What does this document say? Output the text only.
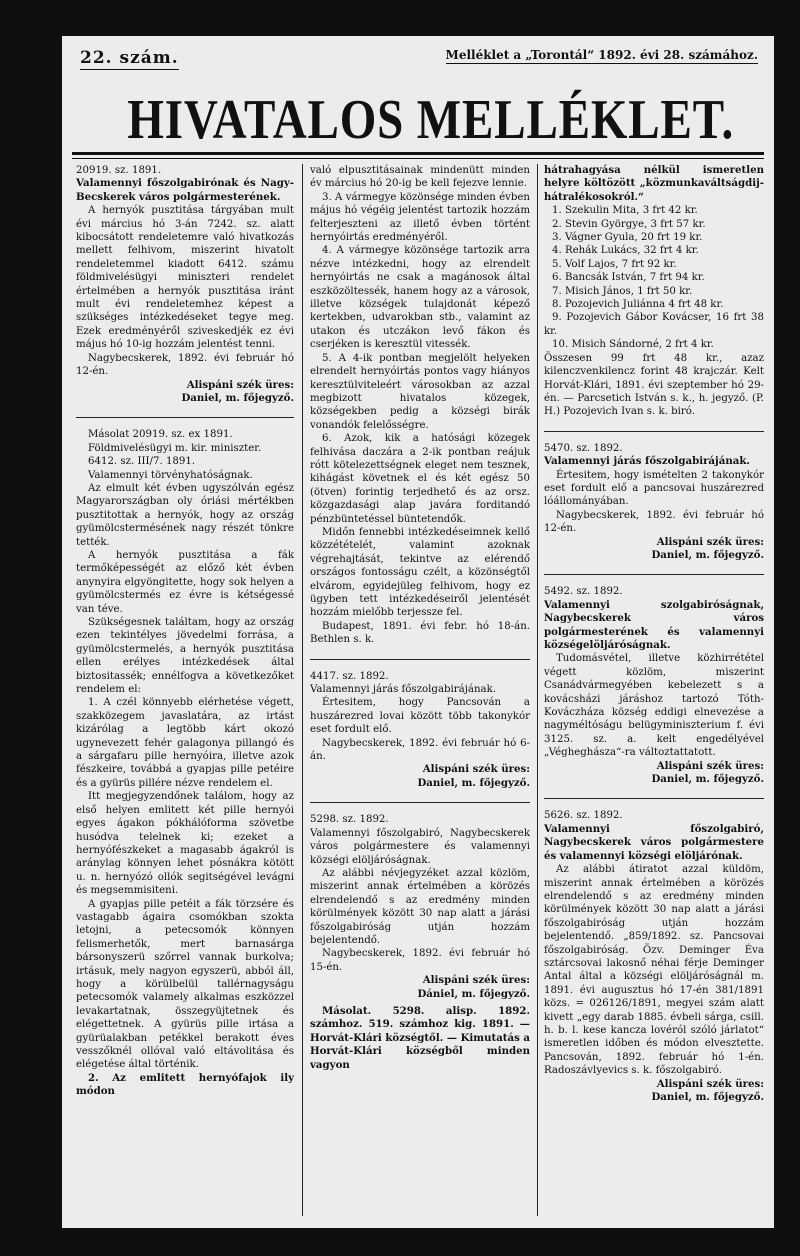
22. szám.	Melléklet a „Torontál“ 1892. évi 28. számához.
HIVATALOS MELLÉKLET.

20919. sz. 1891.

Valamennyi főszolgabirónak és Nagy-Becskerek város polgármesterének.

A hernyók pusztitása tárgyában mult évi március hó 3-án 7242. sz. alatt kibocsátott rendeletemre való hivatkozás mellett felhivom, miszerint hivatolt rendeletemmel kiadott 6412. számu földmivelésügyi miniszteri rendelet értelmében a hernyók pusztitása iránt mult évi rendeletemhez képest a szükséges intézkedéseket tegye meg. Ezek eredményéről sziveskedjék ez évi május hó 10-ig hozzám jelentést tenni.

Nagybecskerek, 1892. évi február hó 12-én.

Alispáni szék üres:

Daniel, m. főjegyző.

Másolat 20919. sz. ex 1891.

Földmivelésügyi m. kir. miniszter.

6412. sz. III/7. 1891.

Valamennyi törvényhatóságnak.

Az elmult két évben ugyszólván egész Magyarországban oly óriási mértékben pusztitottak a hernyók, hogy az ország gyümölcstermésének nagy részét tönkre tették.

A hernyók pusztitása a fák termőképességét az előző két évben anynyira elgyöngitette, hogy sok helyen a gyümölcstermés ez évre is kétségessé van téve.

Szükségesnek találtam, hogy az ország ezen tekintélyes jövedelmi forrása, a gyümölcstermelés, a hernyók pusztitása ellen erélyes intézkedések által biztositassék; ennélfogva a következőket rendelem el:

1. A czél könnyebb elérhetése végett, szakközegem javaslatára, az irtást kizárólag a legtöbb kárt okozó ugynevezett fehér galagonya pillangó és a sárgafaru pille hernyóira, illetve azok fészkeire, továbbá a gyapjas pille petéire és a gyürüs pillére nézve rendelem el.

Itt megjegyzendőnek találom, hogy az első helyen emlitett két pille hernyói egyes ágakon pókhálóforma szövetbe husódva telelnek ki; ezeket a hernyófészkeket a magasabb ágakról is aránylag könnyen lehet pósnákra kötött u. n. hernyózó ollók segitségével levágni és megsemmisiteni.

A gyapjas pille petéit a fák törzsére és vastagabb ágaira csomókban szokta letojni, a petecsomók könnyen felismerhetők, mert barnasárga bársonyszerü szőrrel vannak burkolva; irtásuk, mely nagyon egyszerü, abból áll, hogy a körülbelül tallérnagyságu petecsomók valamely alkalmas eszközzel levakartatnak, összegyüjtetnek és elégettetnek. A gyürüs pille irtása a gyürüalakban petékkel berakott éves vesszőknél ollóval való eltávolitása és elégetése által történik.

2. Az emlitett hernyófajok ily módon

való elpusztitásainak mindenütt minden év március hó 20-ig be kell fejezve lennie.

3. A vármegye közönsége minden évben május hó végéig jelentést tartozik hozzám felterjeszteni az illető évben történt hernyóirtás eredményéről.

4. A vármegye közönsége tartozik arra nézve intézkedni, hogy az elrendelt hernyóirtás ne csak a magánosok által eszközöltessék, hanem hogy az a városok, illetve községek tulajdonát képező kertekben, udvarokban stb., valamint az utakon és utczákon levő fákon és cserjéken is keresztül vitessék.

5. A 4-ik pontban megjelölt helyeken elrendelt hernyóirtás pontos vagy hiányos keresztülviteleért városokban az azzal megbizott hivatalos közegek, községekben pedig a községi birák vonandók felelősségre.

6. Azok, kik a hatósági közegek felhivása daczára a 2-ik pontban reájuk rótt kötelezettségnek eleget nem tesznek, kihágást követnek el és két egész 50 (ötven) forintig terjedhető és az orsz. közgazdasági alap javára forditandó pénzbüntetéssel büntetendők.

Midőn fennebbi intézkedéseimnek kellő közzétételét, valamint azoknak végrehajtását, tekintve az elérendő országos fontosságu czélt, a közönségtől elvárom, egyidejüleg felhivom, hogy ez ügyben tett intézkedéseiről jelentését hozzám mielőbb terjessze fel.

Budapest, 1891. évi febr. hó 18-án. Bethlen s. k.

4417. sz. 1892.

Valamennyi járás főszolgabirájának.

Értesitem, hogy Pancsován a huszárezred lovai között több takonykór eset fordult elő.

Nagybecskerek, 1892. évi február hó 6-án.

Alispáni szék üres:

Daniel, m. főjegyző.

5298. sz. 1892.

Valamennyi főszolgabiró, Nagybecskerek város polgármestere és valamennyi községi elöljáróságnak.

Az alábbi névjegyzéket azzal közlöm, miszerint annak értelmében a körözés elrendelendő s az eredmény minden körülmények között 30 nap alatt a járási főszolgabiróság utján hozzám bejelentendő.

Nagybecskerek, 1892. évi február hó 15-én.

Alispáni szék üres:

Dániel, m. főjegyző.

Másolat. 5298. alisp. 1892. számhoz. 519. számhoz kig. 1891. — Horvát-Klári községtől. — Kimutatás a Horvát-Klári községből minden vagyon

hátrahagyása nélkül ismeretlen helyre költözött „közmunkaváltságdij-hátralékosokról.“

1. Szekulin Mita, 3 frt 42 kr.

2. Stevin Györgye, 3 frt 57 kr.

3. Vágner Gyula, 20 frt 19 kr.

4. Rehák Lukács, 32 frt 4 kr.

5. Volf Lajos, 7 frt 92 kr.

6. Bancsák István, 7 frt 94 kr.

7. Misich János, 1 frt 50 kr.

8. Pozojevich Juliánna 4 frt 48 kr.

9. Pozojevich Gábor Kovácser, 16 frt 38 kr.

10. Misich Sándorné, 2 frt 4 kr.

Összesen 99 frt 48 kr., azaz kilenczvenkilencz forint 48 krajczár. Kelt Horvát-Klári, 1891. évi szeptember hó 29-én. — Parcsetich István s. k., h. jegyző. (P. H.) Pozojevich Ivan s. k. biró.

5470. sz. 1892.

Valamennyi járás főszolgabirájának.

Értesitem, hogy ismételten 2 takonykór eset fordult elő a pancsovai huszárezred lóállományában.

Nagybecskerek, 1892. évi február hó 12-én.

Alispáni szék üres:

Daniel, m. főjegyző.

5492. sz. 1892.

Valamennyi szolgabiróságnak, Nagybecskerek város polgármesterének és valamennyi községelöljáróságnak.

Tudomásvétel, illetve közhirrététel végett közlöm, miszerint Csanádvármegyében kebelezett s a kovácsházi járáshoz tartozó Tóth-Kováczháza község eddigi elnevezése a nagyméltóságu belügyminiszterium f. évi 3125. sz. a. kelt engedélyével „Végheghásza“-ra változtattatott.

Alispáni szék üres:

Daniel, m. főjegyző.

5626. sz. 1892.

Valamennyi főszolgabiró, Nagybecskerek város polgármestere és valamennyi községi elöljárónak.

Az alábbi átiratot azzal küldöm, miszerint annak értelmében a körözés elrendelendő s az eredmény minden körülmények között 30 nap alatt a járási főszolgabiróság utján hozzám bejelentendő. „859/1892. sz. Pancsovai főszolgabiróság. Özv. Deminger Éva sztárcsovai lakosnő néhai férje Deminger Antal által a községi elöljáróságnál m. 1891. évi augusztus hó 17-én 381/1891 közs. = 026126/1891, megyei szám alatt kivett „egy darab 1885. évbeli sárga, csill. h. b. l. kese kancza lovéról szóló járlatot“ ismeretlen időben és módon elvesztette. Pancsován, 1892. február hó 1-én. Radoszávlyevics s. k. főszolgabiró.

Alispáni szék üres:

Daniel, m. főjegyző.
